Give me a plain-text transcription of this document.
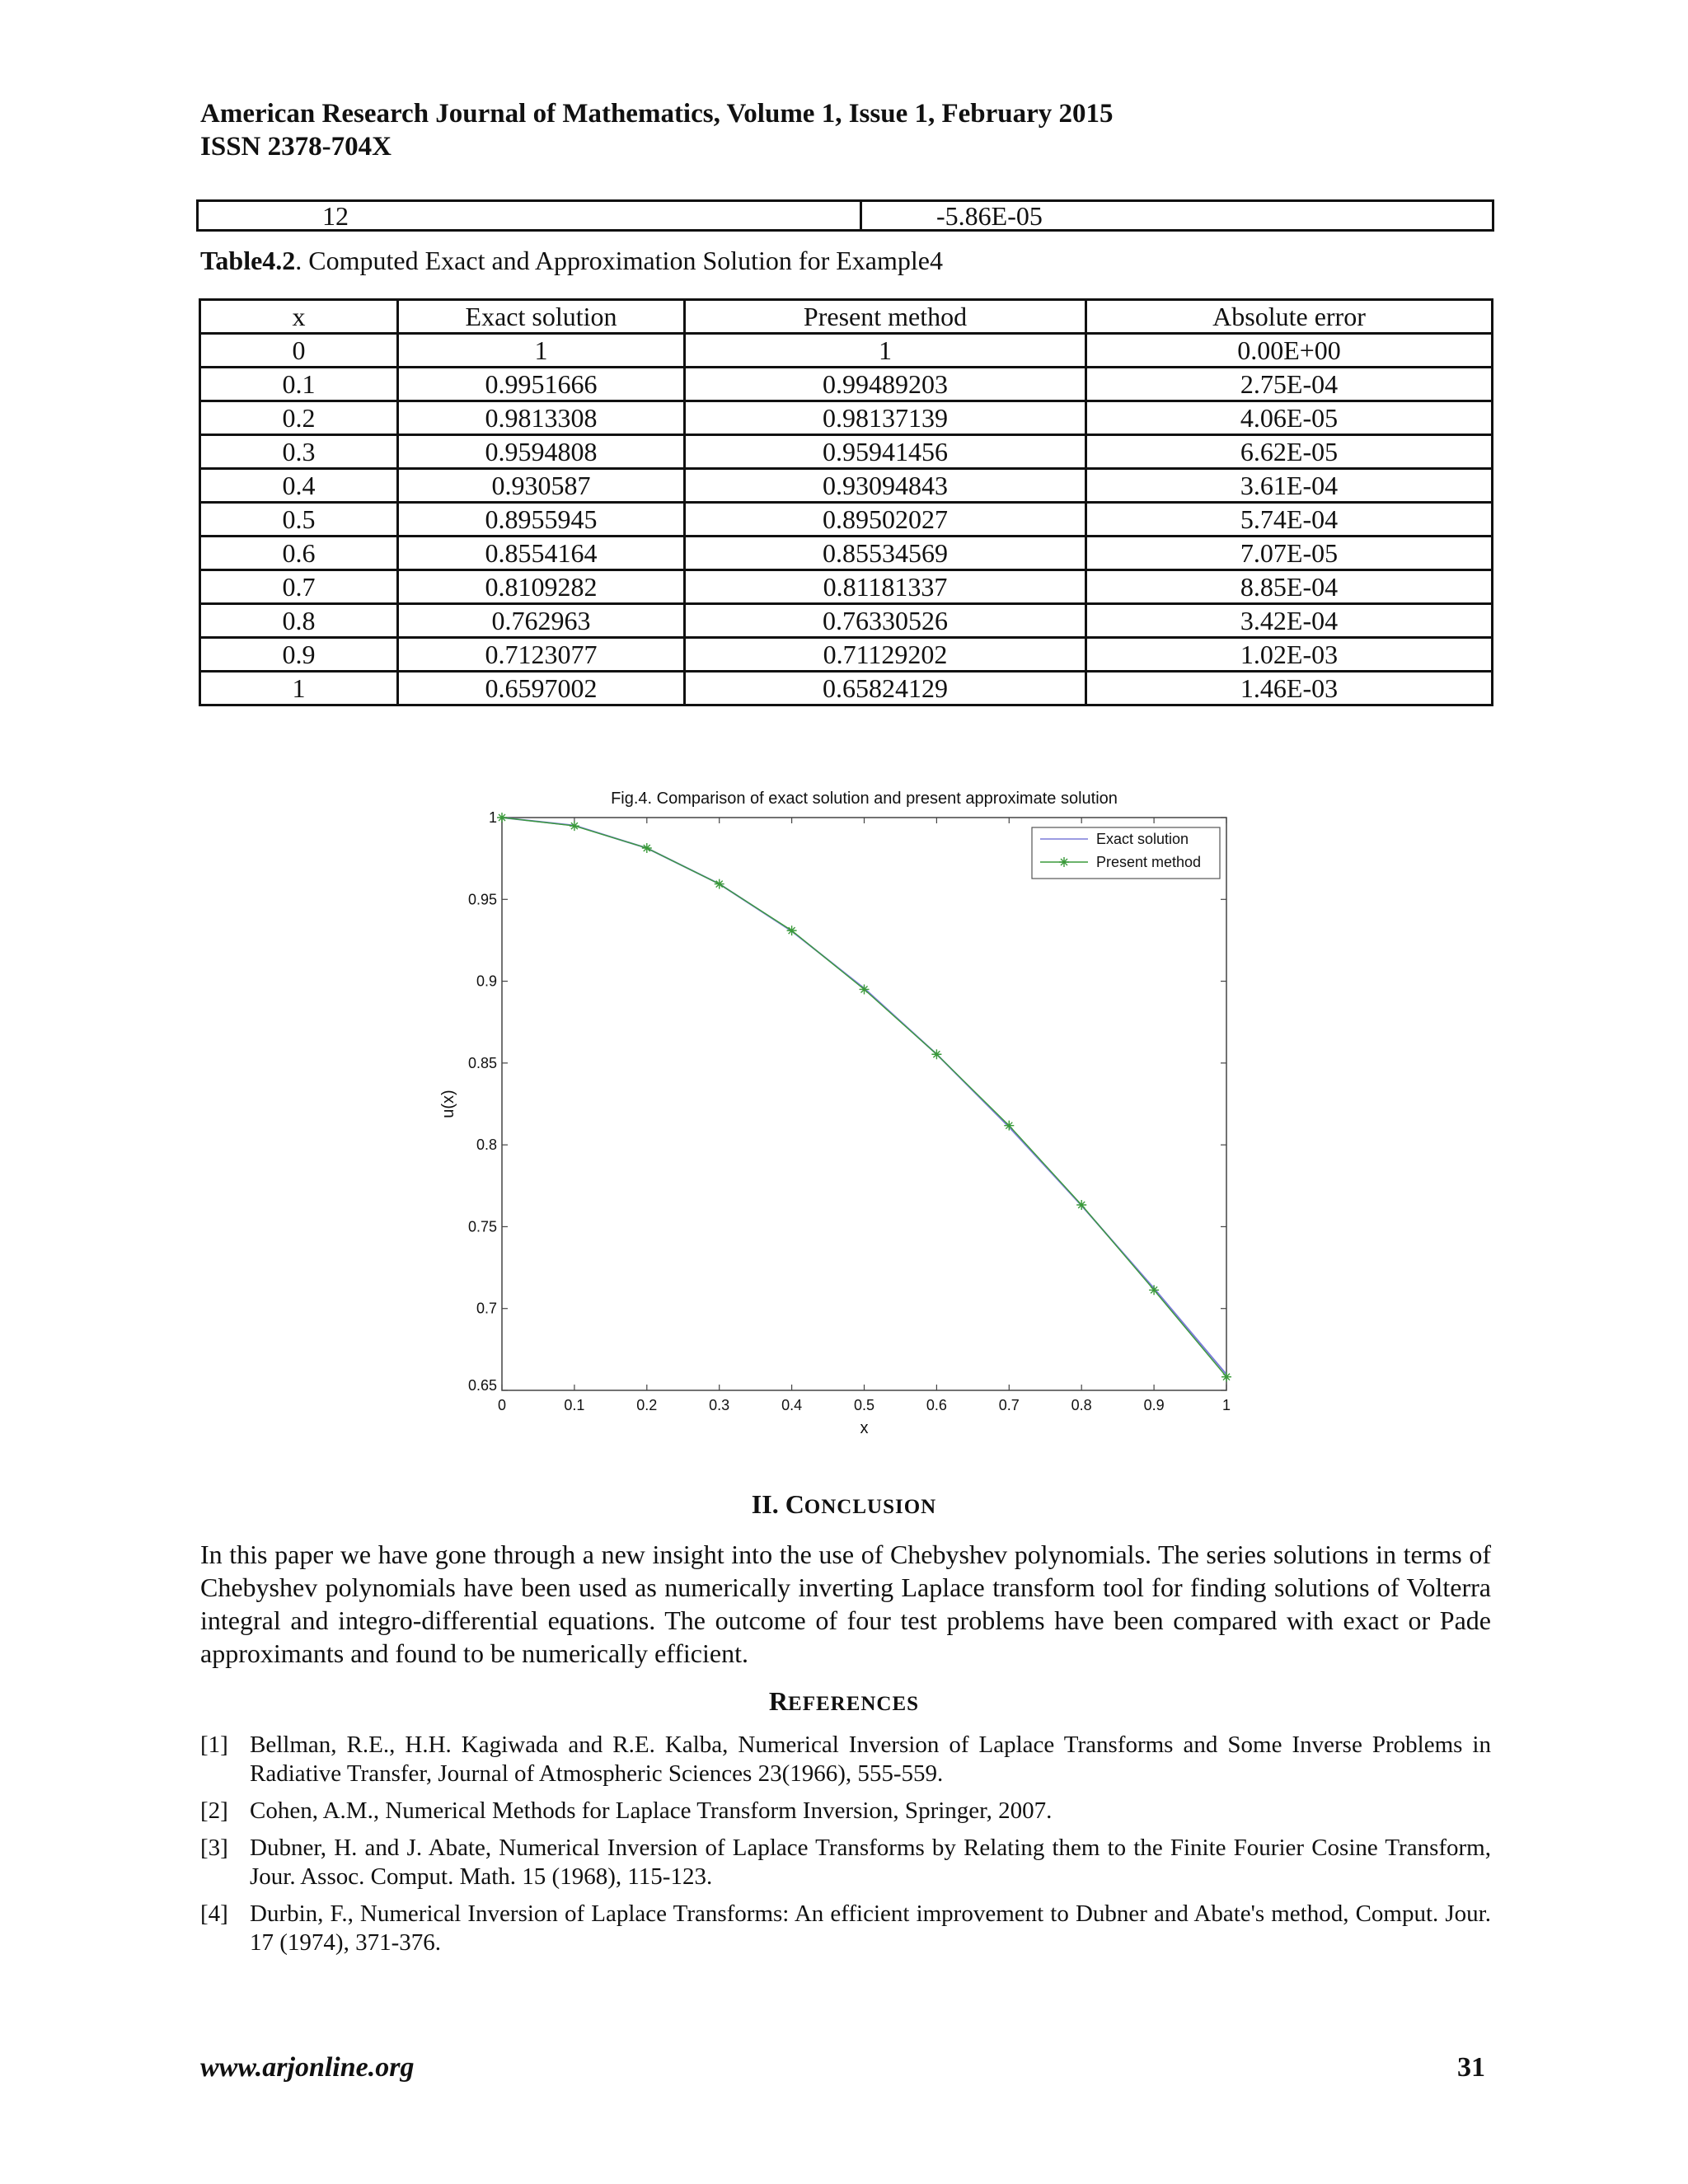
American Research Journal of Mathematics, Volume 1, Issue 1, February 2015
ISSN 2378-704X
12	-5.86E-05
Table4.2. Computed Exact and Approximation Solution for Example4
x	Exact solution	Present method	Absolute error
0	1	1	0.00E+00
0.1	0.9951666	0.99489203	2.75E-04
0.2	0.9813308	0.98137139	4.06E-05
0.3	0.9594808	0.95941456	6.62E-05
0.4	0.930587	0.93094843	3.61E-04
0.5	0.8955945	0.89502027	5.74E-04
0.6	0.8554164	0.85534569	7.07E-05
0.7	0.8109282	0.81181337	8.85E-04
0.8	0.762963	0.76330526	3.42E-04
0.9	0.7123077	0.71129202	1.02E-03
1	0.6597002	0.65824129	1.46E-03
Fig.4. Comparison of exact solution and present approximate solution
0	0.1	0.2	0.3	0.4	0.5	0.6	0.7	0.8	0.9	1
0.65
0.7
0.75
0.8
0.85
0.9
0.95
1
x
u(x)
Exact solution
Present method
II. CONCLUSION
In this paper we have gone through a new insight into the use of Chebyshev polynomials. The series solutions in terms of Chebyshev polynomials have been used as numerically inverting Laplace transform tool for finding solutions of Volterra integral and integro-differential equations. The outcome of four test problems have been compared with exact or Pade approximants and found to be numerically efficient.
REFERENCES
[1] Bellman, R.E., H.H. Kagiwada and R.E. Kalba, Numerical Inversion of Laplace Transforms and Some Inverse Problems in Radiative Transfer, Journal of Atmospheric Sciences 23(1966), 555-559.
[2] Cohen, A.M., Numerical Methods for Laplace Transform Inversion, Springer, 2007.
[3] Dubner, H. and J. Abate, Numerical Inversion of Laplace Transforms by Relating them to the Finite Fourier Cosine Transform, Jour. Assoc. Comput. Math. 15 (1968), 115-123.
[4] Durbin, F., Numerical Inversion of Laplace Transforms: An efficient improvement to Dubner and Abate's method, Comput. Jour. 17 (1974), 371-376.
www.arjonline.org	31
